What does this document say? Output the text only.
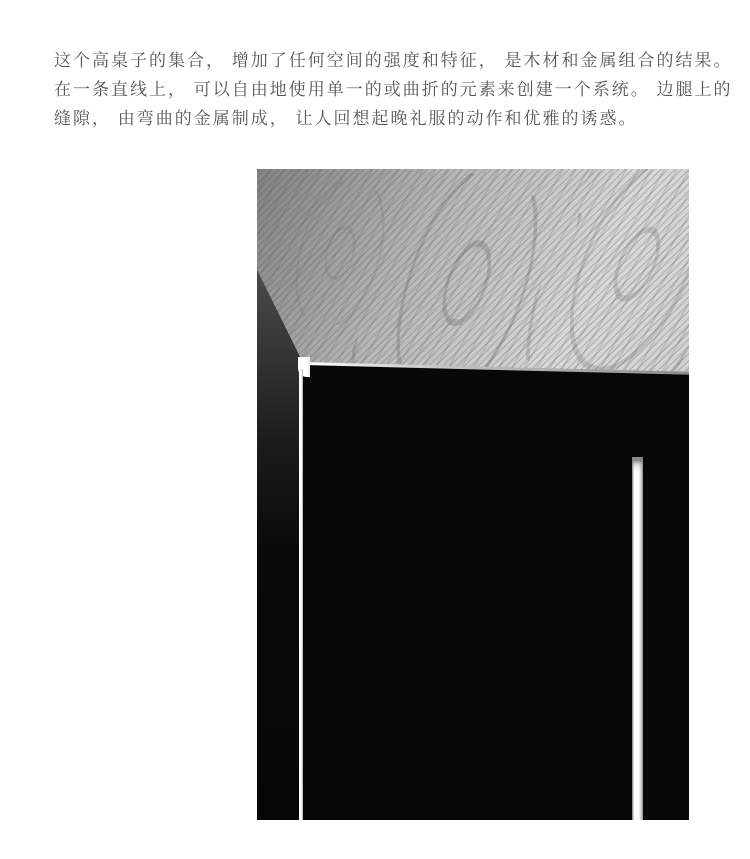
这个高桌子的集合， 增加了任何空间的强度和特征， 是木材和金属组合的结果。
在一条直线上， 可以自由地使用单一的或曲折的元素来创建一个系统。 边腿上的
缝隙， 由弯曲的金属制成， 让人回想起晚礼服的动作和优雅的诱惑。
